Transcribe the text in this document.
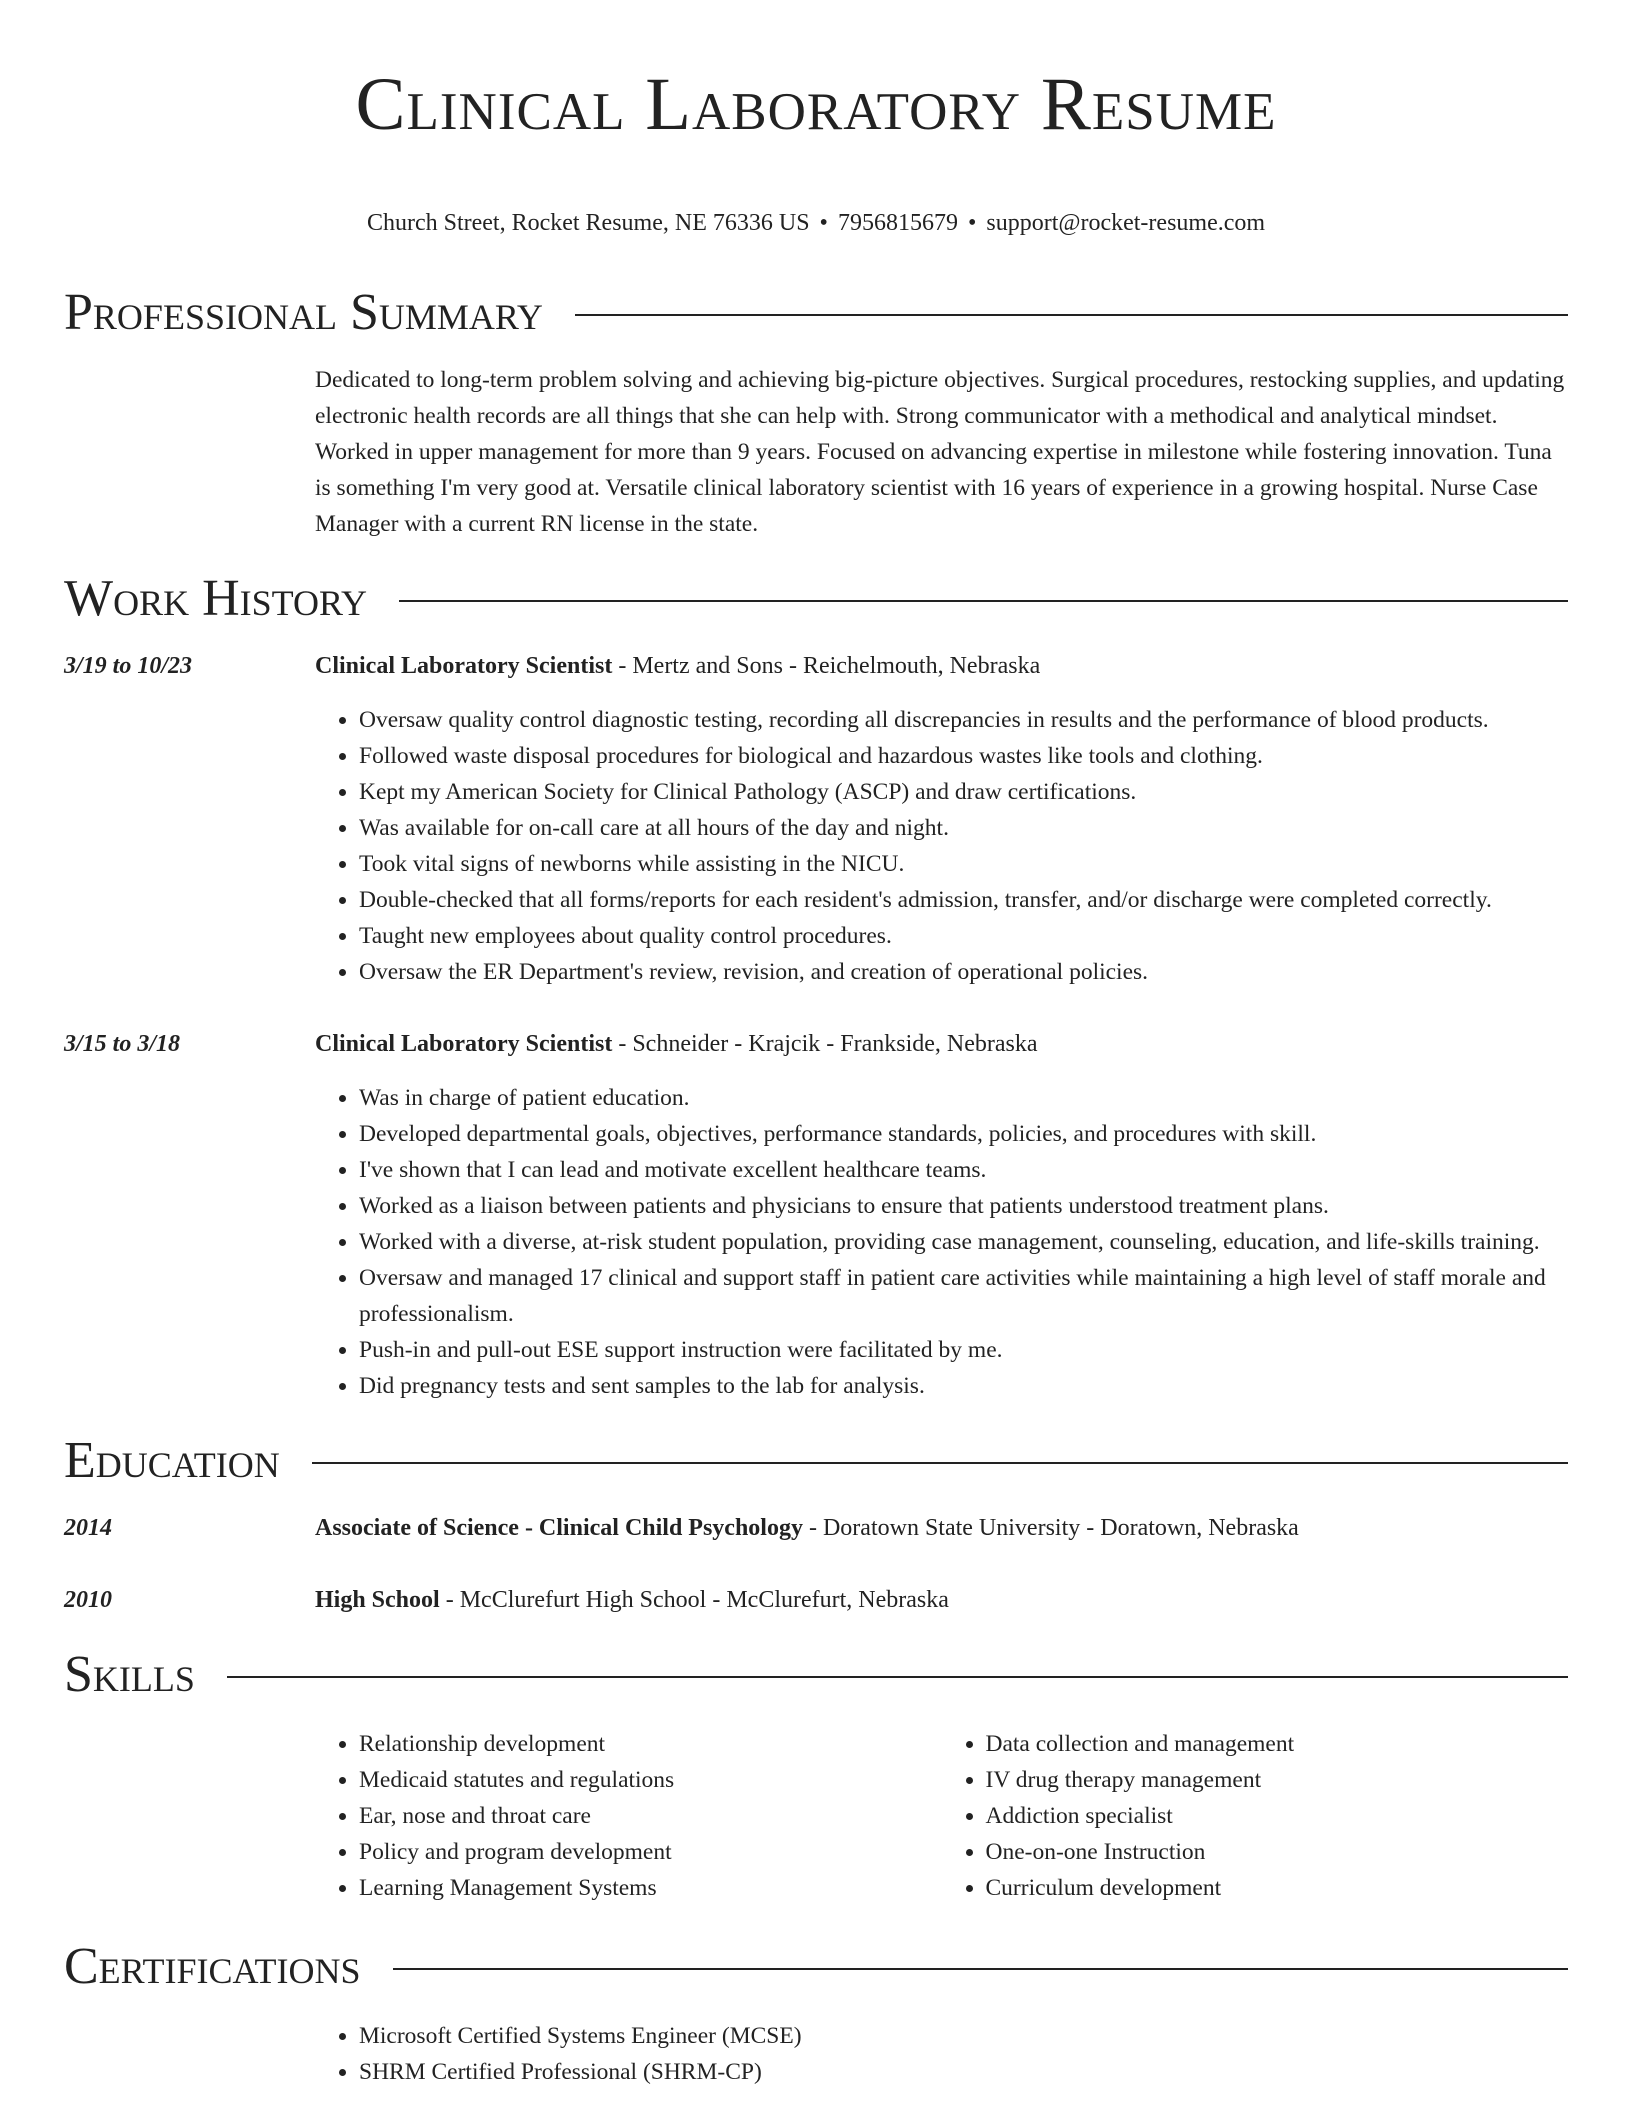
Clinical Laboratory Resume
Church Street, Rocket Resume, NE 76336 US • 7956815679 • support@rocket-resume.com
Professional Summary
Dedicated to long-term problem solving and achieving big-picture objectives. Surgical procedures, restocking supplies, and updating electronic health records are all things that she can help with. Strong communicator with a methodical and analytical mindset. Worked in upper management for more than 9 years. Focused on advancing expertise in milestone while fostering innovation. Tuna is something I'm very good at. Versatile clinical laboratory scientist with 16 years of experience in a growing hospital. Nurse Case Manager with a current RN license in the state.
Work History
3/19 to 10/23	Clinical Laboratory Scientist - Mertz and Sons - Reichelmouth, Nebraska
• Oversaw quality control diagnostic testing, recording all discrepancies in results and the performance of blood products.
• Followed waste disposal procedures for biological and hazardous wastes like tools and clothing.
• Kept my American Society for Clinical Pathology (ASCP) and draw certifications.
• Was available for on-call care at all hours of the day and night.
• Took vital signs of newborns while assisting in the NICU.
• Double-checked that all forms/reports for each resident's admission, transfer, and/or discharge were completed correctly.
• Taught new employees about quality control procedures.
• Oversaw the ER Department's review, revision, and creation of operational policies.
3/15 to 3/18	Clinical Laboratory Scientist - Schneider - Krajcik - Frankside, Nebraska
• Was in charge of patient education.
• Developed departmental goals, objectives, performance standards, policies, and procedures with skill.
• I've shown that I can lead and motivate excellent healthcare teams.
• Worked as a liaison between patients and physicians to ensure that patients understood treatment plans.
• Worked with a diverse, at-risk student population, providing case management, counseling, education, and life-skills training.
• Oversaw and managed 17 clinical and support staff in patient care activities while maintaining a high level of staff morale and professionalism.
• Push-in and pull-out ESE support instruction were facilitated by me.
• Did pregnancy tests and sent samples to the lab for analysis.
Education
2014	Associate of Science - Clinical Child Psychology - Doratown State University - Doratown, Nebraska
2010	High School - McClurefurt High School - McClurefurt, Nebraska
Skills
• Relationship development
• Medicaid statutes and regulations
• Ear, nose and throat care
• Policy and program development
• Learning Management Systems
• Data collection and management
• IV drug therapy management
• Addiction specialist
• One-on-one Instruction
• Curriculum development
Certifications
• Microsoft Certified Systems Engineer (MCSE)
• SHRM Certified Professional (SHRM-CP)
